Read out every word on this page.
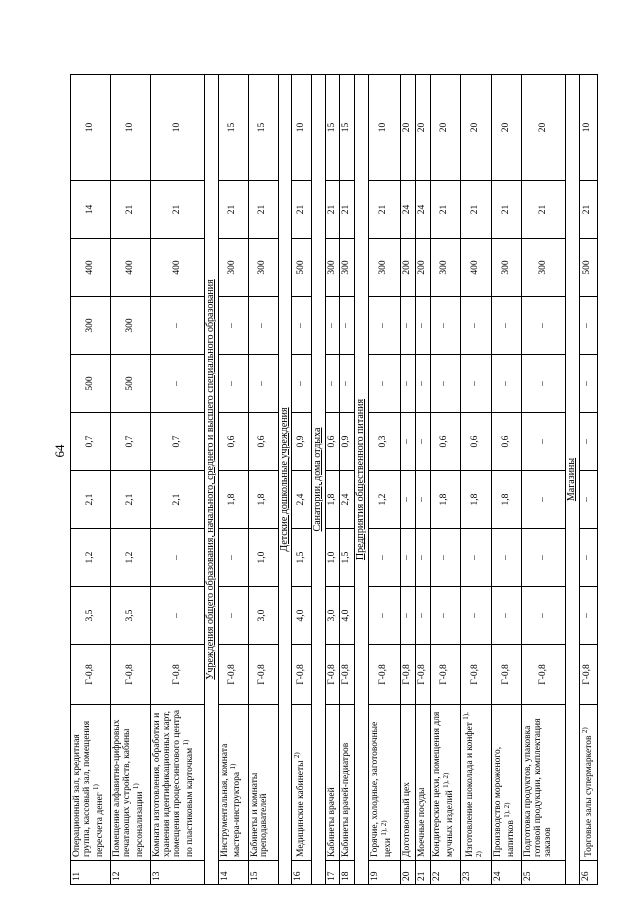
64
11	Операционный зал, кредитная группа, кассовый зал, помещения пересчета денег $^{1)}$	Г-0,8	3,5	1,2	2,1	0,7	500	300	400	14	10
12	Помещение алфавитно-цифровых печатающих устройств, кабины персонализации $^{1)}$	Г-0,8	3,5	1,2	2,1	0,7	500	300	400	21	10
13	Комната изготовления, обработки и хранения идентификационных карт, помещения процессингового центра по пластиковым карточкам $^{1)}$	Г-0,8	–	–	2,1	0,7	–	–	400	21	10
Учреждения общего образования, начального, среднего и высшего специального образования											
14	Инструментальная, комната мастера-инструктора $^{1)}$	Г-0,8	–	–	1,8	0,6	–	–	300	21	15
15	Кабинеты и комнаты преподавателей	Г-0,8	3,0	1,0	1,8	0,6	–	–	300	21	15
Детские дошкольные учреждения											
16	Медицинские кабинеты $^{2)}$	Г-0,8	4,0	1,5	2,4	0,9	–	–	500	21	10
Санатории, дома отдыха											
17	Кабинеты врачей	Г-0,8	3,0	1,0	1,8	0,6	–	–	300	21	15
18	Кабинеты врачей-педиатров	Г-0,8	4,0	1,5	2,4	0,9	–	–	300	21	15
Предприятия общественного питания											
19	Горячие, холодные, заготовочные цехи $^{1), 2)}$	Г-0,8	–	–	1,2	0,3	–	–	300	21	10
20	Доготовочный цех	Г-0,8	–	–	–	–	–	–	200	24	20
21	Моечные посуды	Г-0,8	–	–	–	–	–	–	200	24	20
22	Кондитерские цехи, помещения для мучных изделий $^{1), 2)}$	Г-0,8	–	–	1,8	0,6	–	–	300	21	20
23	Изготовление шоколада и конфет $^{1), 2)}$	Г-0,8	–	–	1,8	0,6	–	–	400	21	20
24	Производство мороженого, напитков $^{1), 2)}$	Г-0,8	–	–	1,8	0,6	–	–	300	21	20
25	Подготовка продуктов, упаковка готовой продукции, комплектация заказов	Г-0,8	–	–	–	–	–	–	300	21	20
Магазины											
26	Торговые залы супермаркетов $^{2)}$	Г-0,8	–	–	–	–	–	–	500	21	10
